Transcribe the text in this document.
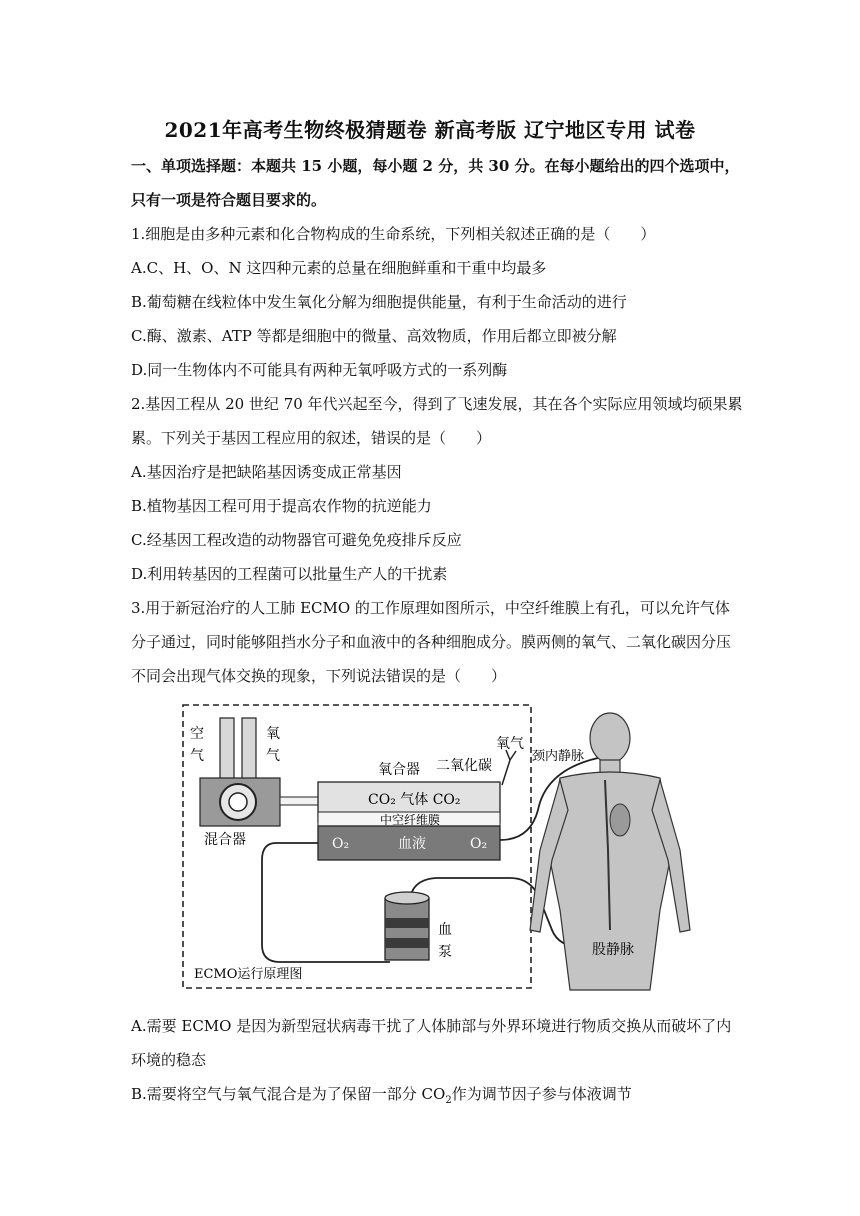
2021年高考生物终极猜题卷 新高考版 辽宁地区专用 试卷
一、单项选择题：本题共 15 小题，每小题 2 分，共 30 分。在每小题给出的四个选项中，
只有一项是符合题目要求的。
1.细胞是由多种元素和化合物构成的生命系统，下列相关叙述正确的是（　　）
A.C、H、O、N 这四种元素的总量在细胞鲜重和干重中均最多
B.葡萄糖在线粒体中发生氧化分解为细胞提供能量，有利于生命活动的进行
C.酶、激素、ATP 等都是细胞中的微量、高效物质，作用后都立即被分解
D.同一生物体内不可能具有两种无氧呼吸方式的一系列酶
2.基因工程从 20 世纪 70 年代兴起至今，得到了飞速发展，其在各个实际应用领域均硕果累
累。下列关于基因工程应用的叙述，错误的是（　　）
A.基因治疗是把缺陷基因诱变成正常基因
B.植物基因工程可用于提高农作物的抗逆能力
C.经基因工程改造的动物器官可避免免疫排斥反应
D.利用转基因的工程菌可以批量生产人的干扰素
3.用于新冠治疗的人工肺 ECMO 的工作原理如图所示，中空纤维膜上有孔，可以允许气体
分子通过，同时能够阻挡水分子和血液中的各种细胞成分。膜两侧的氧气、二氧化碳因分压
不同会出现气体交换的现象，下列说法错误的是（　　）
空
气
氧
气
混合器
氧合器 二氧化碳
氧气
CO₂ 气体 CO₂
中空纤维膜
O₂	血液	O₂
血
泵
颈内静脉
股静脉
ECMO运行原理图
A.需要 ECMO 是因为新型冠状病毒干扰了人体肺部与外界环境进行物质交换从而破坏了内
环境的稳态
B.需要将空气与氧气混合是为了保留一部分 $CO_2$作为调节因子参与体液调节
